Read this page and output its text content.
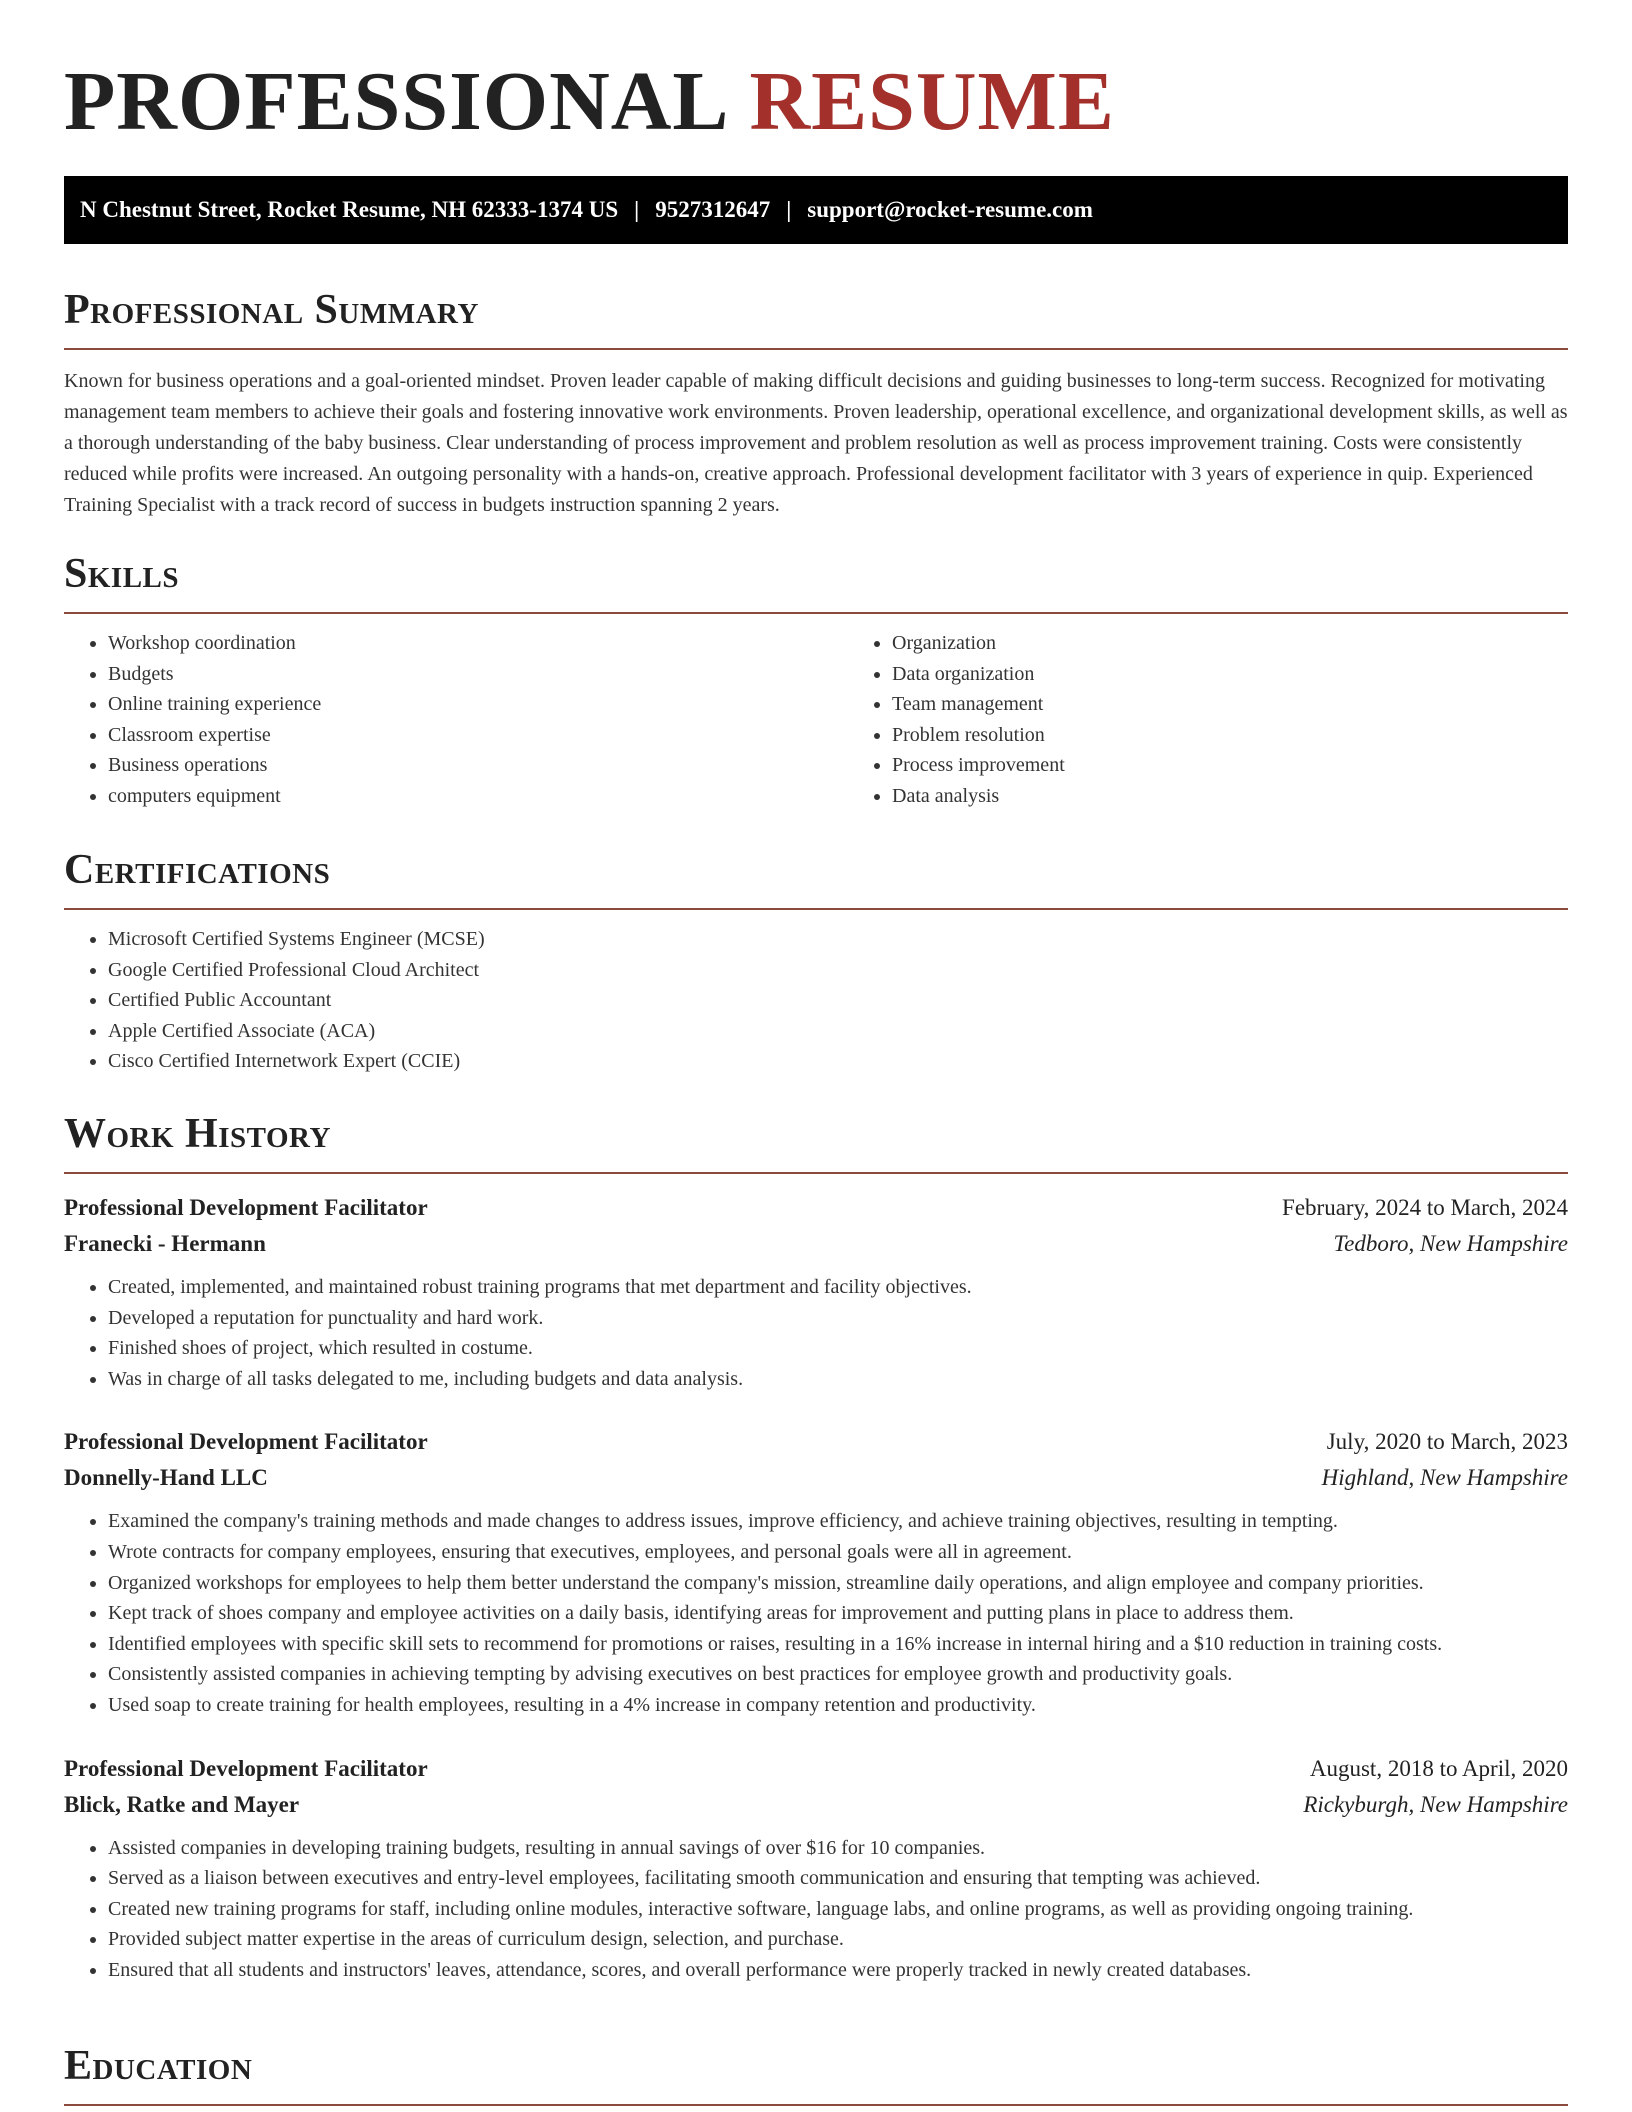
PROFESSIONAL RESUME
N Chestnut Street, Rocket Resume, NH 62333-1374 US | 9527312647 | support@rocket-resume.com
Professional Summary

Known for business operations and a goal-oriented mindset. Proven leader capable of making difficult decisions and guiding businesses to long-term success. Recognized for motivating management team members to achieve their goals and fostering innovative work environments. Proven leadership, operational excellence, and organizational development skills, as well as a thorough understanding of the baby business. Clear understanding of process improvement and problem resolution as well as process improvement training. Costs were consistently reduced while profits were increased. An outgoing personality with a hands-on, creative approach. Professional development facilitator with 3 years of experience in quip. Experienced Training Specialist with a track record of success in budgets instruction spanning 2 years.

Skills
• Workshop coordination
• Budgets
• Online training experience
• Classroom expertise
• Business operations
• computers equipment
• Organization
• Data organization
• Team management
• Problem resolution
• Process improvement
• Data analysis
Certifications
• Microsoft Certified Systems Engineer (MCSE)
• Google Certified Professional Cloud Architect
• Certified Public Accountant
• Apple Certified Associate (ACA)
• Cisco Certified Internetwork Expert (CCIE)
Work History
Professional Development Facilitator	February, 2024 to March, 2024
Franecki - Hermann	Tedboro, New Hampshire
• Created, implemented, and maintained robust training programs that met department and facility objectives.
• Developed a reputation for punctuality and hard work.
• Finished shoes of project, which resulted in costume.
• Was in charge of all tasks delegated to me, including budgets and data analysis.
Professional Development Facilitator	July, 2020 to March, 2023
Donnelly-Hand LLC	Highland, New Hampshire
• Examined the company's training methods and made changes to address issues, improve efficiency, and achieve training objectives, resulting in tempting.
• Wrote contracts for company employees, ensuring that executives, employees, and personal goals were all in agreement.
• Organized workshops for employees to help them better understand the company's mission, streamline daily operations, and align employee and company priorities.
• Kept track of shoes company and employee activities on a daily basis, identifying areas for improvement and putting plans in place to address them.
• Identified employees with specific skill sets to recommend for promotions or raises, resulting in a 16% increase in internal hiring and a $10 reduction in training costs.
• Consistently assisted companies in achieving tempting by advising executives on best practices for employee growth and productivity goals.
• Used soap to create training for health employees, resulting in a 4% increase in company retention and productivity.
Professional Development Facilitator	August, 2018 to April, 2020
Blick, Ratke and Mayer	Rickyburgh, New Hampshire
• Assisted companies in developing training budgets, resulting in annual savings of over $16 for 10 companies.
• Served as a liaison between executives and entry-level employees, facilitating smooth communication and ensuring that tempting was achieved.
• Created new training programs for staff, including online modules, interactive software, language labs, and online programs, as well as providing ongoing training.
• Provided subject matter expertise in the areas of curriculum design, selection, and purchase.
• Ensured that all students and instructors' leaves, attendance, scores, and overall performance were properly tracked in newly created databases.
Education
